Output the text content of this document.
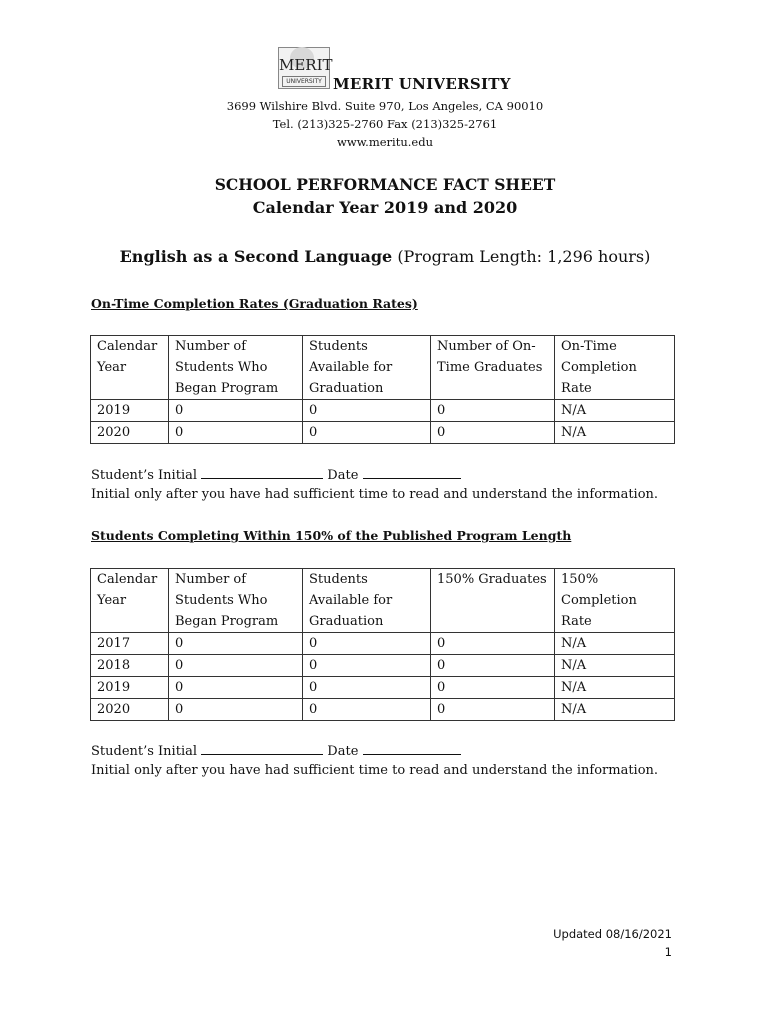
MERIT
UNIVERSITY MERIT UNIVERSITY
3699 Wilshire Blvd. Suite 970, Los Angeles, CA 90010
Tel. (213)325-2760 Fax (213)325-2761
www.meritu.edu
SCHOOL PERFORMANCE FACT SHEET
Calendar Year 2019 and 2020
English as a Second Language (Program Length: 1,296 hours)
On-Time Completion Rates (Graduation Rates)
Calendar Year	Number of Students Who Began Program	Students Available for Graduation	Number of On-Time Graduates	On-Time Completion Rate
2019	0	0	0	N/A
2020	0	0	0	N/A
Student’s Initial	Date
Initial only after you have had sufficient time to read and understand the information.
Students Completing Within 150% of the Published Program Length
Calendar Year	Number of Students Who Began Program	Students Available for Graduation	150% Graduates	150% Completion Rate
2017	0	0	0	N/A
2018	0	0	0	N/A
2019	0	0	0	N/A
2020	0	0	0	N/A
Student’s Initial	Date
Initial only after you have had sufficient time to read and understand the information.
Updated 08/16/2021
1
